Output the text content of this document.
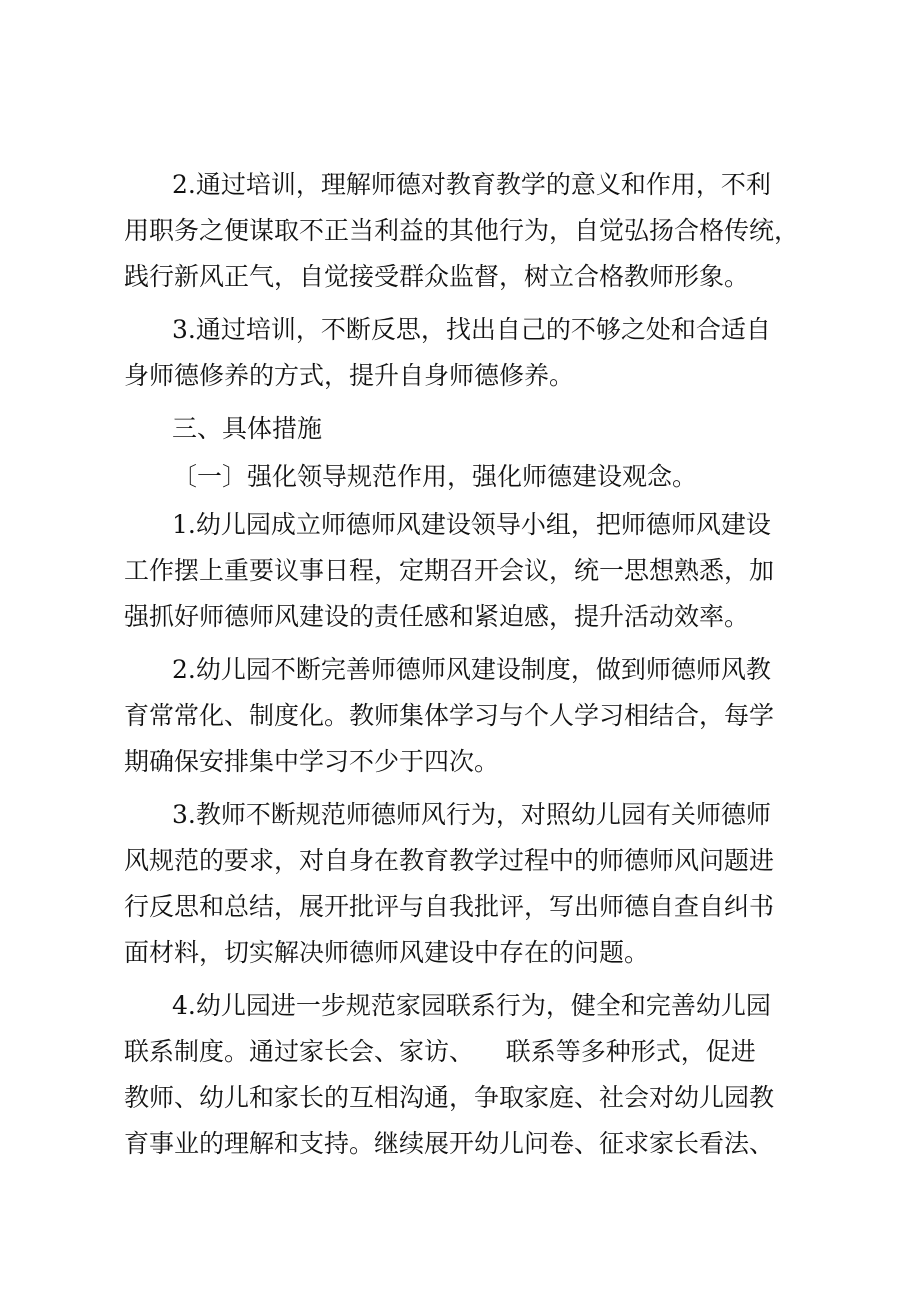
2.通过培训，理解师德对教育教学的意义和作用，不利
用职务之便谋取不正当利益的其他行为，自觉弘扬合格传统，
践行新风正气，自觉接受群众监督，树立合格教师形象。
3.通过培训，不断反思，找出自己的不够之处和合适自
身师德修养的方式，提升自身师德修养。
三、具体措施
〔一〕强化领导规范作用，强化师德建设观念。
1.幼儿园成立师德师风建设领导小组，把师德师风建设
工作摆上重要议事日程，定期召开会议，统一思想熟悉，加
强抓好师德师风建设的责任感和紧迫感，提升活动效率。
2.幼儿园不断完善师德师风建设制度，做到师德师风教
育常常化、制度化。教师集体学习与个人学习相结合，每学
期确保安排集中学习不少于四次。
3.教师不断规范师德师风行为，对照幼儿园有关师德师
风规范的要求，对自身在教育教学过程中的师德师风问题进
行反思和总结，展开批评与自我批评，写出师德自查自纠书
面材料，切实解决师德师风建设中存在的问题。
4.幼儿园进一步规范家园联系行为，健全和完善幼儿园
联系制度。通过家长会、家访、    联系等多种形式，促进
教师、幼儿和家长的互相沟通，争取家庭、社会对幼儿园教
育事业的理解和支持。继续展开幼儿问卷、征求家长看法、
